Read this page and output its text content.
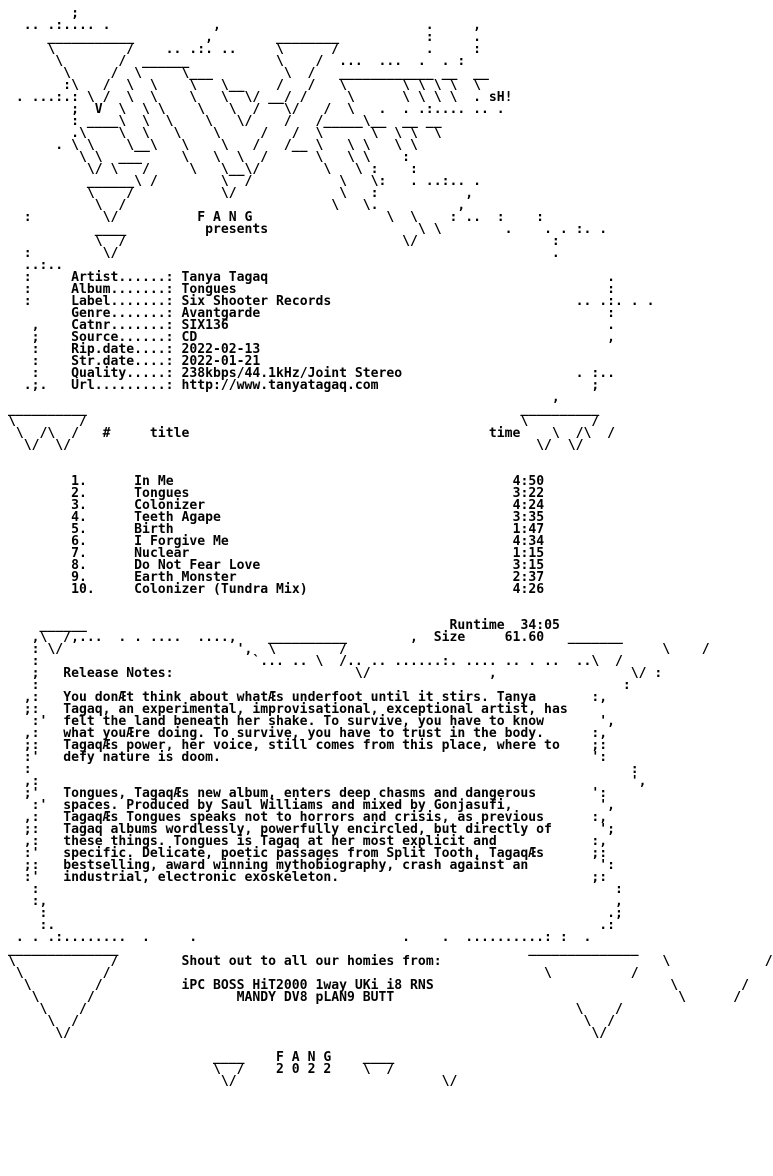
;
.. .:.... .             ,                          .     ,
___________         ,        ________           :     .
\         /    .. .:. ..     \      /           .     :
\       /  ______           \    /  ...  ...  .  . :
\     /  \     \___         \  /   ____________ __  __
:\   /  \  \    \   \__    /   /   \       \ \ \ \  \
. ...:.: \ /  \  \    \   \  \/ __/ /     \      \ \ \ \  . sH!
;  V  \  \ \    \   \  /   \/   /  \   .  . .:.... .. .
: ____\  \  \    \   \/    /   /_____\__  __ __
.\    \  \   \    \     /   /  \      \  \ \  \
. \ \    \__\   \    \   /   /__ \   \ \   \ \
\ \  ___     \   \  \  /      \   \ \    :
\/ \   /     \   \__\/        \   \ :    :
______\ /        \  /           \   \:   . ..:.. .
\    /           \/             \   :           ,
\  /                          \   \.          ,
:         \/          F A N G                 \  \    : ..  :    :
____          presents                   \ \        .    . . :. .
\  /                                   \/                 :
:         \/                                                       .
..:..
:     Artist......: Tanya Tagaq	.
:     Album.......: Tongues	:
:     Label.......: Six Shooter Records                               .. .:. . .
Genre.......: Avantgarde	:
,    Catnr.......: SIX136	.
;    Source......: CD	,
:    Rip.date....: 2022-02-13
:    Str.date....: 2022-01-21
:    Quality.....: 238kbps/44.1kHz/Joint Stereo                      . :..
.;.   Url.........: http://www.tanyatagaq.com                           ;
,
__________                                                       __________
\        /                                                       \        /
\  /\  /   #	title	time    \  /\  /
\/  \/                                                           \/  \/
1.	In Me	4:50
2.	Tongues	3:22
3.	Colonizer	4:24
4.	Teeth Agape	3:35
5.	Birth	1:47
6.	I Forgive Me	4:34
7.	Nuclear	1:15
8.	Do Not Fear Love	3:15
9.	Earth Monster	2:37
10.	Colonizer (Tundra Mix)	4:26
______                                              Runtime 34:05
,\  /,...  . . ....  ....,    __________        ,  Size	61.60   _______
: \/                      ',  \        /                                        \    /
:                           `... .. \  /.. .. ......:. .... .. . ..  ..\  /
;   Release Notes:                       \/               ,                 \/ :
:                                                                          :
,:   You donÆt think about whatÆs underfoot until it stirs. Tanya       :,
;:   Tagaq, an experimental, improvisational, exceptional artist, has
:'  felt the land beneath her shake. To survive, you have to know       ',
,:   what youÆre doing. To survive, you have to trust in the body.      :,
;:   TagaqÆs power, her voice, still comes from this place, where to    ;:
:'   defy nature is doom.	':
:                                                                            :
,:                                                                           ',
;'   Tongues, TagaqÆs new album, enters deep chasms and dangerous       ':
:'  spaces. Produced by Saul Williams and mixed by Gonjasufi,	',
,:   TagaqÆs Tongues speaks not to horrors and crisis, as previous      :,
;:   Tagaq albums wordlessly, powerfully encircled, but directly of      ';
,:   these things. Tongues is Tagaq at her most explicit and	:,
:'   specific. Delicate, poetic passages from Split Tooth, TagaqÆs      ;:
;:   bestselling, award winning mythobiography, crash against an	':
:'   industrial, electronic exoskeleton.	;:
:                                                                         :
:,                                                                        ,
:                                                                       .;
:.                                                                     .:
. . .:........  .     .                          .    .  ..........: :  .
______________                                                    ______________
\            /        Shout out to all our homies from:                            \            /
\          /                                                       \          /
\        /          iPC BOSS HiT2000 1way UKi i8 RNS                              \        /
\      /                  MANDY DV8 pLAN9 BUTT                                    \      /
\    /                                                              \    /
\  /                                                                \  /
\/                                                                  \/
____    F A N G    ____
\  /    2 0 2 2    \  /
\/                          \/
